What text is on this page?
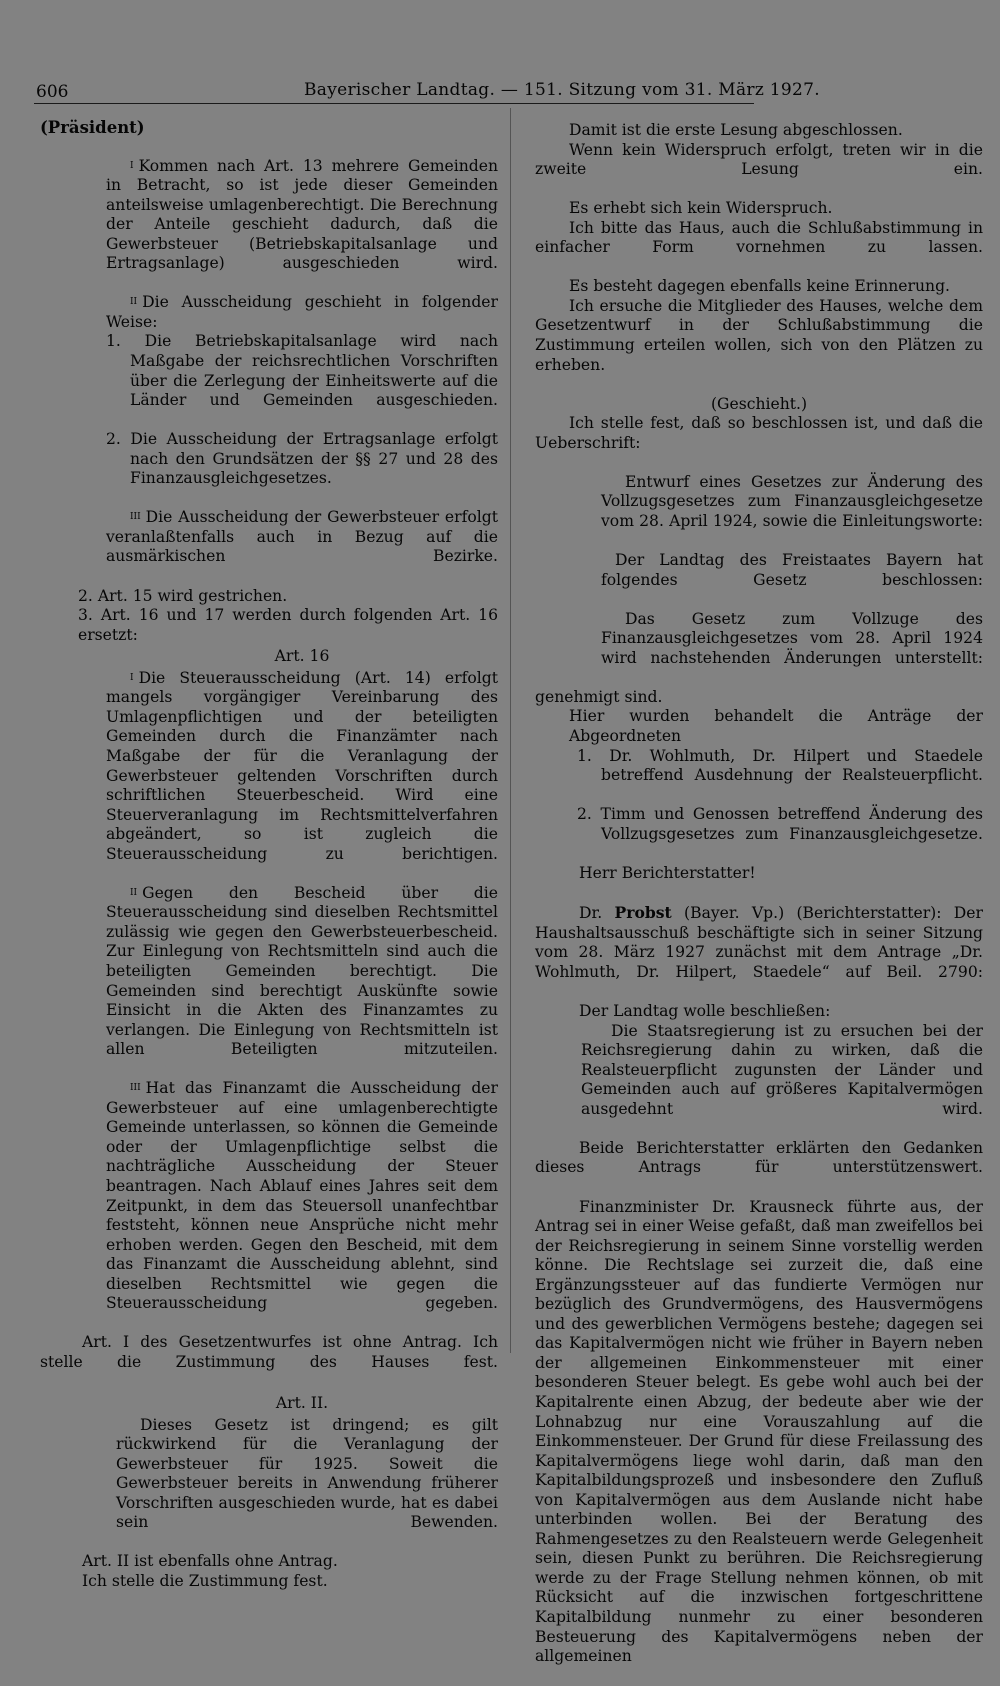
606	Bayerischer Landtag. — 151. Sitzung vom 31. März 1927.

(Präsident)

$^I$ Kommen nach Art. 13 mehrere Gemeinden in Betracht, so ist jede dieser Gemeinden anteilsweise umlagenberechtigt. Die Berechnung der Anteile geschieht dadurch, daß die Gewerbsteuer (Betriebskapitalsanlage und Ertragsanlage) ausgeschieden wird.

$^{II}$ Die Ausscheidung geschieht in folgender Weise:

1. Die Betriebskapitalsanlage wird nach Maßgabe der reichsrechtlichen Vorschriften über die Zerlegung der Einheitswerte auf die Länder und Gemeinden ausgeschieden.

2. Die Ausscheidung der Ertragsanlage erfolgt nach den Grundsätzen der §§ 27 und 28 des Finanzausgleichgesetzes.

$^{III}$ Die Ausscheidung der Gewerbsteuer erfolgt veranlaßtenfalls auch in Bezug auf die ausmärkischen Bezirke.

2. Art. 15 wird gestrichen.

3. Art. 16 und 17 werden durch folgenden Art. 16 ersetzt:

Art. 16

$^I$ Die Steuerausscheidung (Art. 14) erfolgt mangels vorgängiger Vereinbarung des Umlagenpflichtigen und der beteiligten Gemeinden durch die Finanzämter nach Maßgabe der für die Veranlagung der Gewerbsteuer geltenden Vorschriften durch schriftlichen Steuerbescheid. Wird eine Steuerveranlagung im Rechtsmittelverfahren abgeändert, so ist zugleich die Steuerausscheidung zu berichtigen.

$^{II}$ Gegen den Bescheid über die Steuerausscheidung sind dieselben Rechtsmittel zulässig wie gegen den Gewerbsteuerbescheid. Zur Einlegung von Rechtsmitteln sind auch die beteiligten Gemeinden berechtigt. Die Gemeinden sind berechtigt Auskünfte sowie Einsicht in die Akten des Finanzamtes zu verlangen. Die Einlegung von Rechtsmitteln ist allen Beteiligten mitzuteilen.

$^{III}$ Hat das Finanzamt die Ausscheidung der Gewerbsteuer auf eine umlagenberechtigte Gemeinde unterlassen, so können die Gemeinde oder der Umlagenpflichtige selbst die nachträgliche Ausscheidung der Steuer beantragen. Nach Ablauf eines Jahres seit dem Zeitpunkt, in dem das Steuersoll unanfechtbar feststeht, können neue Ansprüche nicht mehr erhoben werden. Gegen den Bescheid, mit dem das Finanzamt die Ausscheidung ablehnt, sind dieselben Rechtsmittel wie gegen die Steuerausscheidung gegeben.

Art. I des Gesetzentwurfes ist ohne Antrag. Ich stelle die Zustimmung des Hauses fest.

Art. II.

Dieses Gesetz ist dringend; es gilt rückwirkend für die Veranlagung der Gewerbsteuer für 1925. Soweit die Gewerbsteuer bereits in Anwendung früherer Vorschriften ausgeschieden wurde, hat es dabei sein Bewenden.

Art. II ist ebenfalls ohne Antrag.

Ich stelle die Zustimmung fest.

Damit ist die erste Lesung abgeschlossen.

Wenn kein Widerspruch erfolgt, treten wir in die zweite Lesung ein.

Es erhebt sich kein Widerspruch.

Ich bitte das Haus, auch die Schlußabstimmung in einfacher Form vornehmen zu lassen.

Es besteht dagegen ebenfalls keine Erinnerung.

Ich ersuche die Mitglieder des Hauses, welche dem Gesetzentwurf in der Schlußabstimmung die Zustimmung erteilen wollen, sich von den Plätzen zu erheben.

(Geschieht.)

Ich stelle fest, daß so beschlossen ist, und daß die Ueberschrift:

Entwurf eines Gesetzes zur Änderung des Vollzugsgesetzes zum Finanzausgleichgesetze vom 28. April 1924, sowie die Einleitungsworte:

Der Landtag des Freistaates Bayern hat folgendes Gesetz beschlossen:

Das Gesetz zum Vollzuge des Finanzausgleichgesetzes vom 28. April 1924 wird nachstehenden Änderungen unterstellt:

genehmigt sind.

Hier wurden behandelt die Anträge der Abgeordneten

1. Dr. Wohlmuth, Dr. Hilpert und Staedele betreffend Ausdehnung der Realsteuerpflicht.

2. Timm und Genossen betreffend Änderung des Vollzugsgesetzes zum Finanzausgleichgesetze.

Herr Berichterstatter!

Dr. Probst (Bayer. Vp.) (Berichterstatter): Der Haushaltsausschuß beschäftigte sich in seiner Sitzung vom 28. März 1927 zunächst mit dem Antrage „Dr. Wohlmuth, Dr. Hilpert, Staedele“ auf Beil. 2790:

Der Landtag wolle beschließen:

Die Staatsregierung ist zu ersuchen bei der Reichsregierung dahin zu wirken, daß die Realsteuerpflicht zugunsten der Länder und Gemeinden auch auf größeres Kapitalvermögen ausgedehnt wird.

Beide Berichterstatter erklärten den Gedanken dieses Antrags für unterstützenswert.

Finanzminister Dr. Krausneck führte aus, der Antrag sei in einer Weise gefaßt, daß man zweifellos bei der Reichsregierung in seinem Sinne vorstellig werden könne. Die Rechtslage sei zurzeit die, daß eine Ergänzungssteuer auf das fundierte Vermögen nur bezüglich des Grundvermögens, des Hausvermögens und des gewerblichen Vermögens bestehe; dagegen sei das Kapitalvermögen nicht wie früher in Bayern neben der allgemeinen Einkommensteuer mit einer besonderen Steuer belegt. Es gebe wohl auch bei der Kapitalrente einen Abzug, der bedeute aber wie der Lohnabzug nur eine Vorauszahlung auf die Einkommensteuer. Der Grund für diese Freilassung des Kapitalvermögens liege wohl darin, daß man den Kapitalbildungsprozeß und insbesondere den Zufluß von Kapitalvermögen aus dem Auslande nicht habe unterbinden wollen. Bei der Beratung des Rahmengesetzes zu den Realsteuern werde Gelegenheit sein, diesen Punkt zu berühren. Die Reichsregierung werde zu der Frage Stellung nehmen können, ob mit Rücksicht auf die inzwischen fortgeschrittene Kapitalbildung nunmehr zu einer besonderen Besteuerung des Kapitalvermögens neben der allgemeinen
